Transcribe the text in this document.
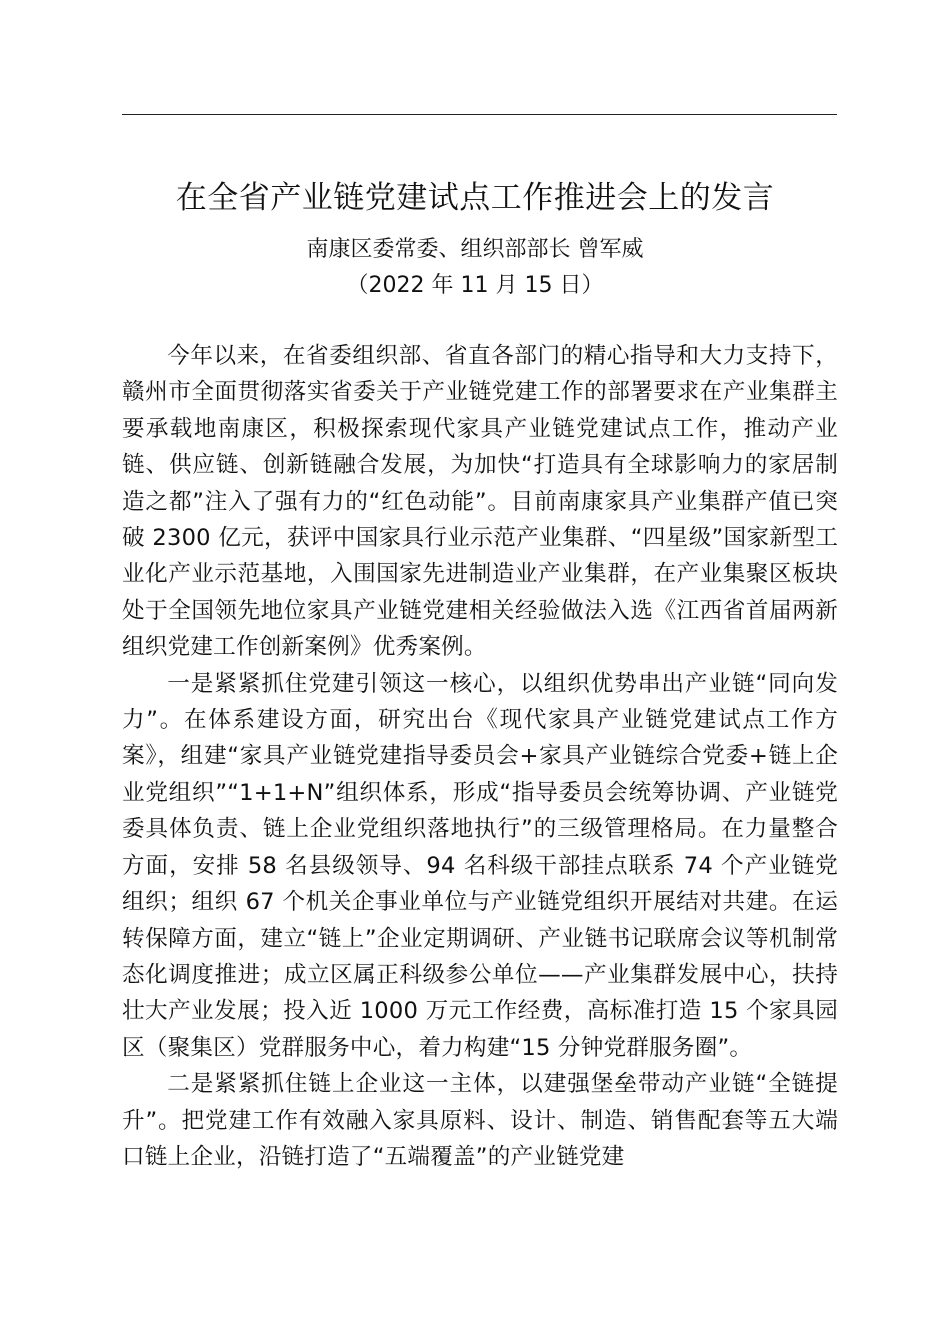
在全省产业链党建试点工作推进会上的发言
南康区委常委、组织部部长 曾军威
（2022 年 11 月 15 日）

今年以来，在省委组织部、省直各部门的精心指导和大力支持下，赣州市全面贯彻落实省委关于产业链党建工作的部署要求在产业集群主要承载地南康区，积极探索现代家具产业链党建试点工作，推动产业链、供应链、创新链融合发展，为加快“打造具有全球影响力的家居制造之都”注入了强有力的“红色动能”。目前南康家具产业集群产值已突破 2300 亿元，获评中国家具行业示范产业集群、“四星级”国家新型工业化产业示范基地，入围国家先进制造业产业集群，在产业集聚区板块处于全国领先地位家具产业链党建相关经验做法入选《江西省首届两新组织党建工作创新案例》优秀案例。

一是紧紧抓住党建引领这一核心，以组织优势串出产业链“同向发力”。在体系建设方面，研究出台《现代家具产业链党建试点工作方案》，组建“家具产业链党建指导委员会+家具产业链综合党委+链上企业党组织”“1+1+N”组织体系，形成“指导委员会统筹协调、产业链党委具体负责、链上企业党组织落地执行”的三级管理格局。在力量整合方面，安排 58 名县级领导、94 名科级干部挂点联系 74 个产业链党组织；组织 67 个机关企事业单位与产业链党组织开展结对共建。在运转保障方面，建立“链上”企业定期调研、产业链书记联席会议等机制常态化调度推进；成立区属正科级参公单位——产业集群发展中心，扶持壮大产业发展；投入近 1000 万元工作经费，高标准打造 15 个家具园区（聚集区）党群服务中心，着力构建“15 分钟党群服务圈”。

二是紧紧抓住链上企业这一主体，以建强堡垒带动产业链“全链提升”。把党建工作有效融入家具原料、设计、制造、销售配套等五大端口链上企业，沿链打造了“五端覆盖”的产业链党建
